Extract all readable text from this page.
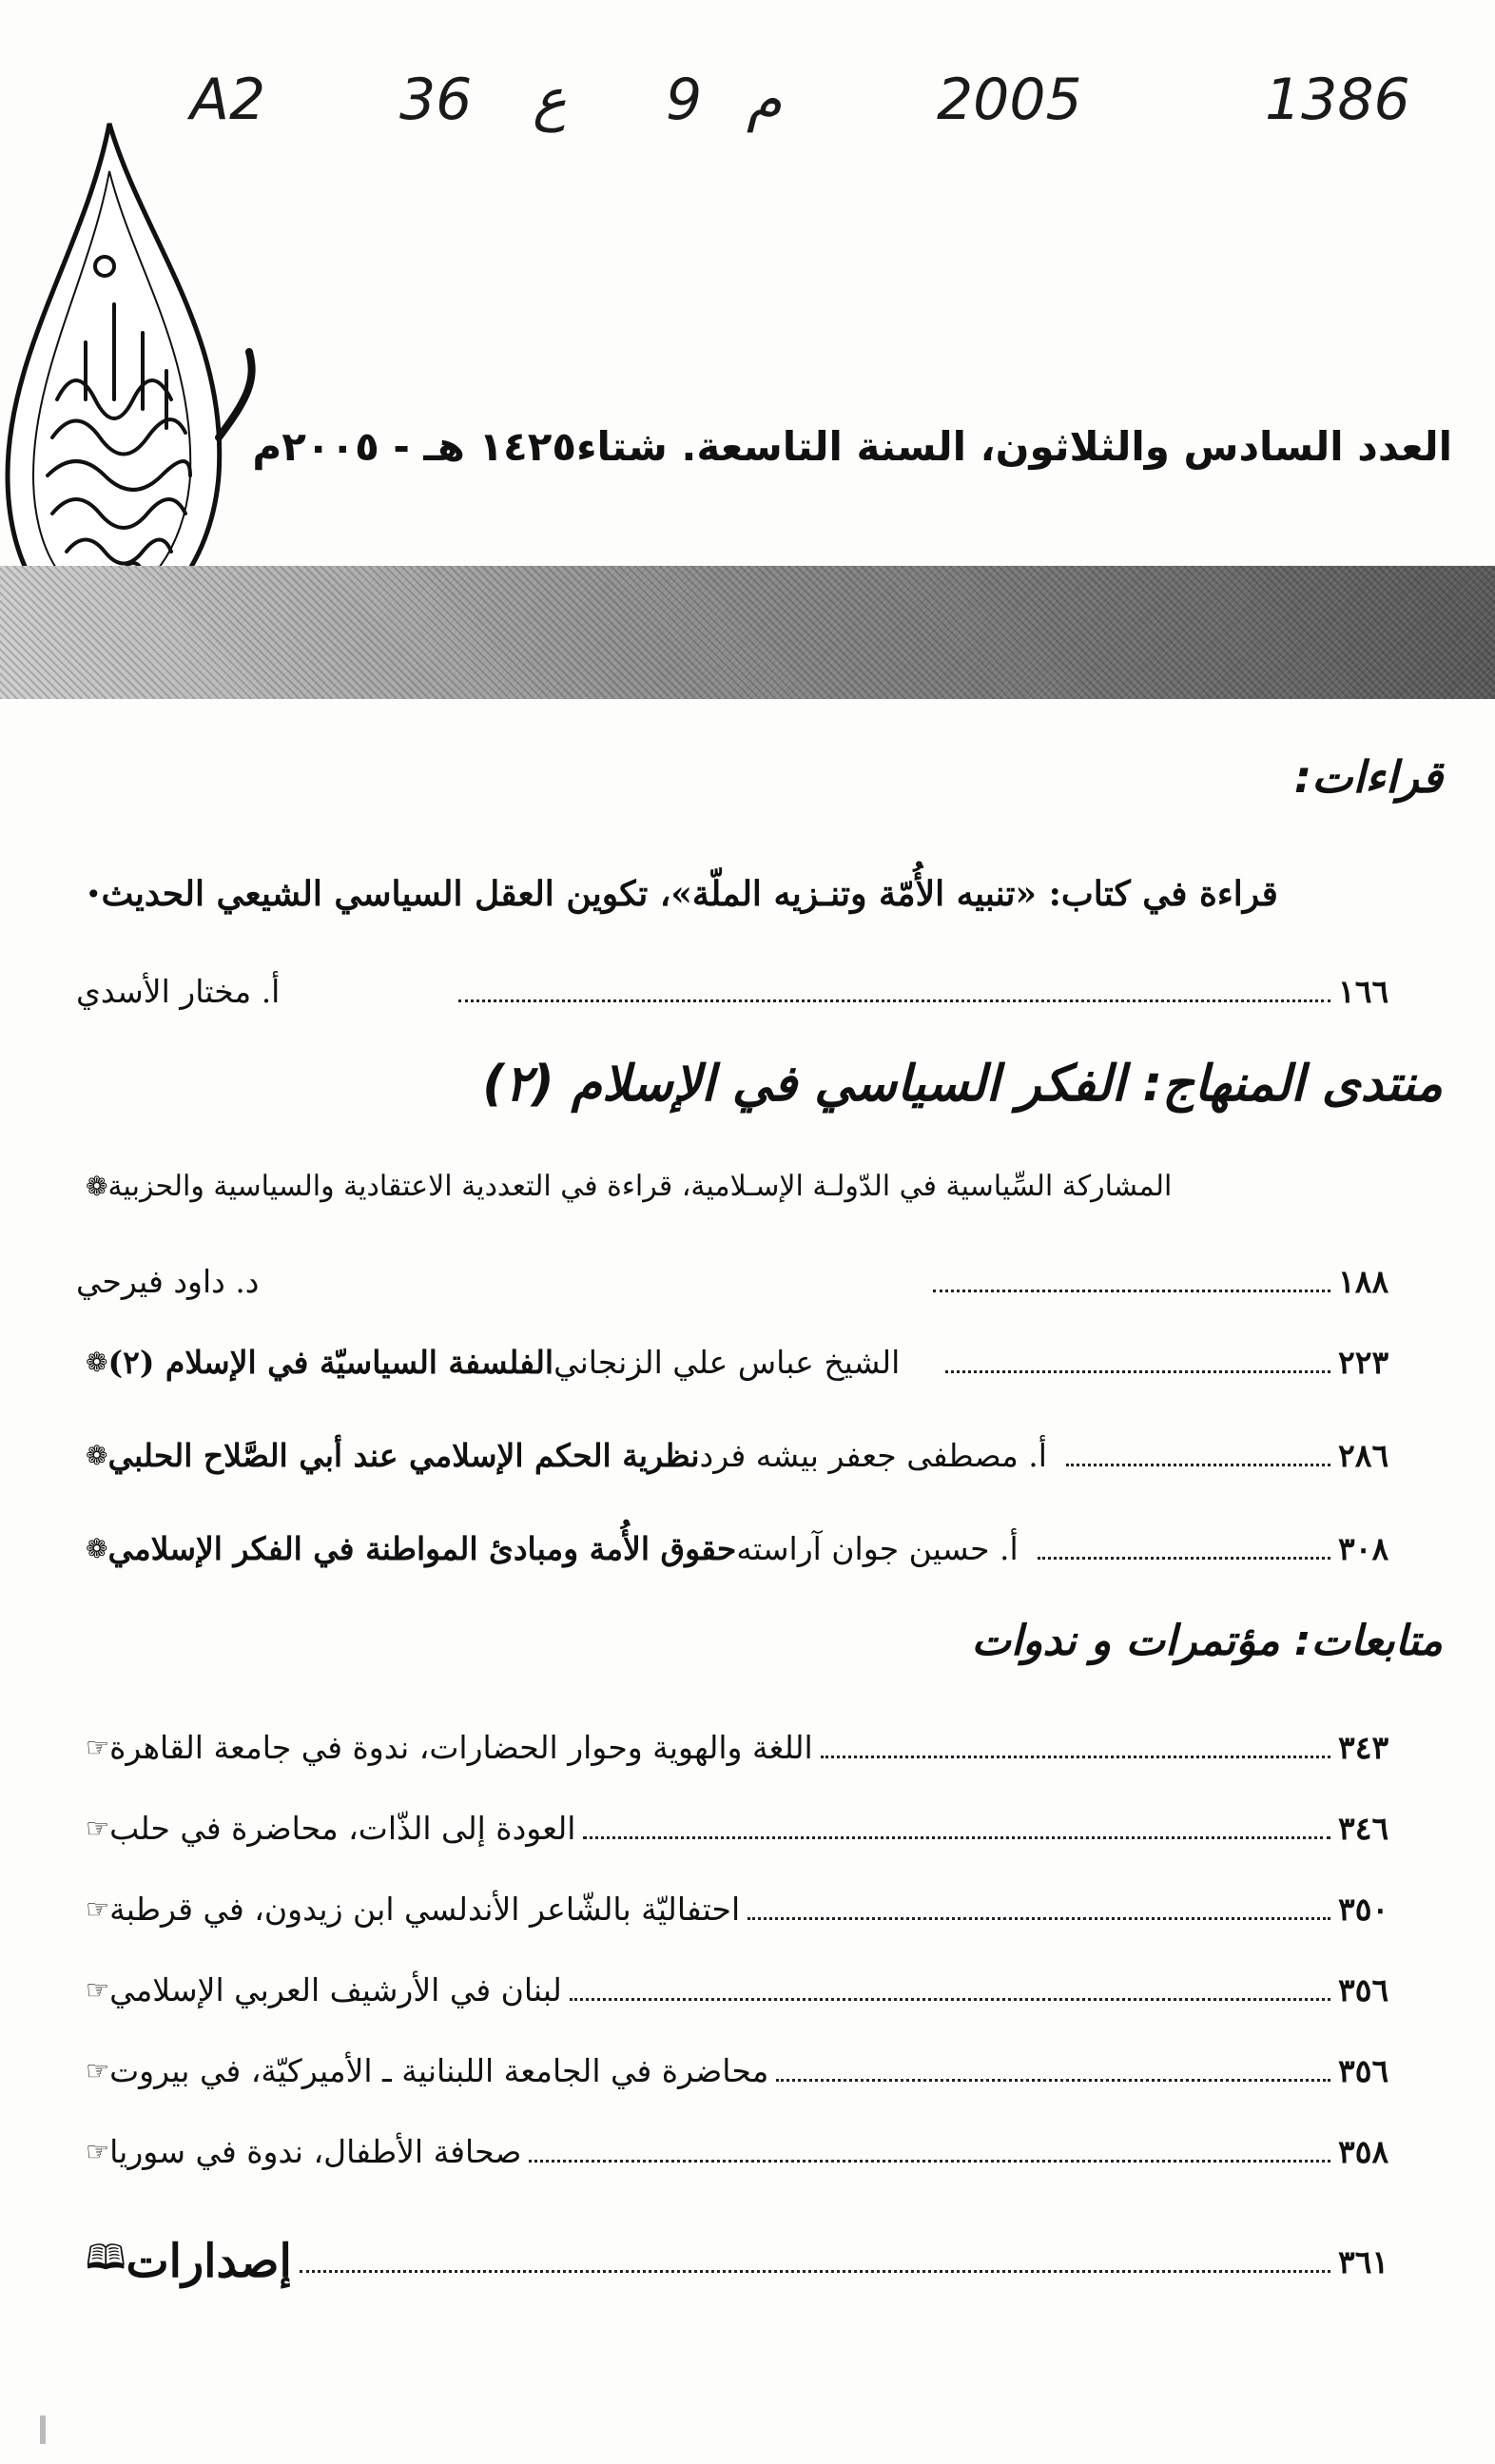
A2 36 ع 9 م	2005	1386

العدد السادس والثلاثون، السنة التاسعة. شتاء١٤٢٥ هـ - ٢٠٠٥م

قراءات:
• قراءة في كتاب: «تنبيه الأُمّة وتنـزيه الملّة»، تكوين العقل السياسي الشيعي الحديث
أ. مختار الأسدي	١٦٦
منتدى المنهاج: الفكر السياسي في الإسلام (٢)
❁ المشاركة السِّياسية في الدّولـة الإسـلامية، قراءة في التعددية الاعتقادية والسياسية والحزبية
د. داود فيرحي	١٨٨
❁ الفلسفة السياسيّة في الإسلام (٢) الشيخ عباس علي الزنجاني	٢٢٣
❁ نظرية الحكم الإسلامي عند أبي الصَّلاح الحلبي أ. مصطفى جعفر بيشه فرد	٢٨٦
❁ حقوق الأُمة ومبادئ المواطنة في الفكر الإسلامي أ. حسين جوان آراسته	٣٠٨
متابعات: مؤتمرات و ندوات
☞ اللغة والهوية وحوار الحضارات، ندوة في جامعة القاهرة	٣٤٣
☞ العودة إلى الذّات، محاضرة في حلب	٣٤٦
☞ احتفاليّة بالشّاعر الأندلسي ابن زيدون، في قرطبة	٣٥٠
☞ لبنان في الأرشيف العربي الإسلامي	٣٥٦
☞ محاضرة في الجامعة اللبنانية ـ الأميركيّة، في بيروت	٣٥٦
☞ صحافة الأطفال، ندوة في سوريا	٣٥٨
🕮 إصدارات	٣٦١
